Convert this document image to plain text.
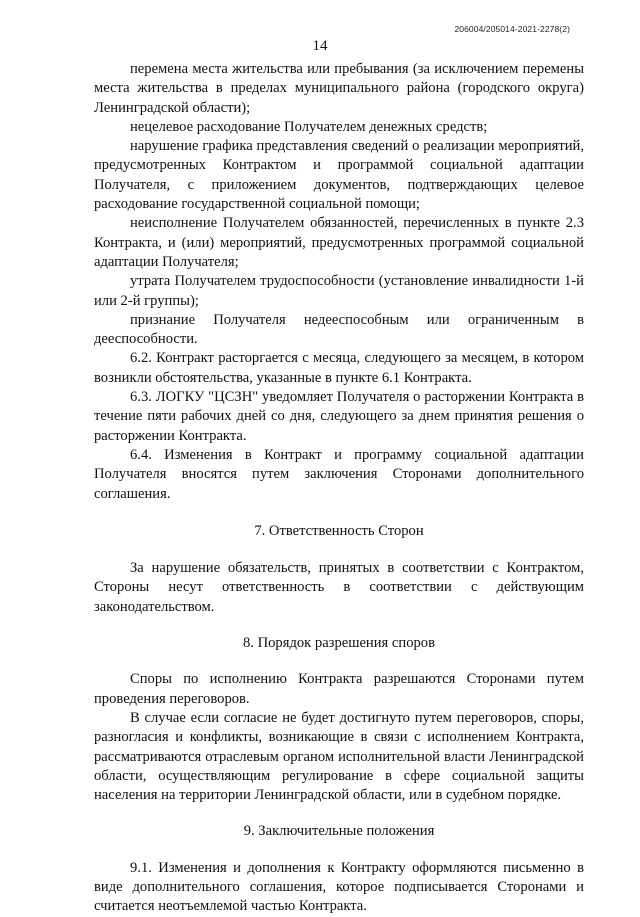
206004/205014-2021-2278(2)
14

перемена места жительства или пребывания (за исключением перемены места жительства в пределах муниципального района (городского округа) Ленинградской области);

нецелевое расходование Получателем денежных средств;

нарушение графика представления сведений о реализации мероприятий, предусмотренных Контрактом и программой социальной адаптации Получателя, с приложением документов, подтверждающих целевое расходование государственной социальной помощи;

неисполнение Получателем обязанностей, перечисленных в пункте 2.3 Контракта, и (или) мероприятий, предусмотренных программой социальной адаптации Получателя;

утрата Получателем трудоспособности (установление инвалидности 1-й или 2-й группы);

признание Получателя недееспособным или ограниченным в дееспособности.

6.2. Контракт расторгается с месяца, следующего за месяцем, в котором возникли обстоятельства, указанные в пункте 6.1 Контракта.

6.3. ЛОГКУ "ЦСЗН" уведомляет Получателя о расторжении Контракта в течение пяти рабочих дней со дня, следующего за днем принятия решения о расторжении Контракта.

6.4. Изменения в Контракт и программу социальной адаптации Получателя вносятся путем заключения Сторонами дополнительного соглашения.

7. Ответственность Сторон

За нарушение обязательств, принятых в соответствии с Контрактом, Стороны несут ответственность в соответствии с действующим законодательством.

8. Порядок разрешения споров

Споры по исполнению Контракта разрешаются Сторонами путем проведения переговоров.

В случае если согласие не будет достигнуто путем переговоров, споры, разногласия и конфликты, возникающие в связи с исполнением Контракта, рассматриваются отраслевым органом исполнительной власти Ленинградской области, осуществляющим регулирование в сфере социальной защиты населения на территории Ленинградской области, или в судебном порядке.

9. Заключительные положения

9.1. Изменения и дополнения к Контракту оформляются письменно в виде дополнительного соглашения, которое подписывается Сторонами и считается неотъемлемой частью Контракта.
